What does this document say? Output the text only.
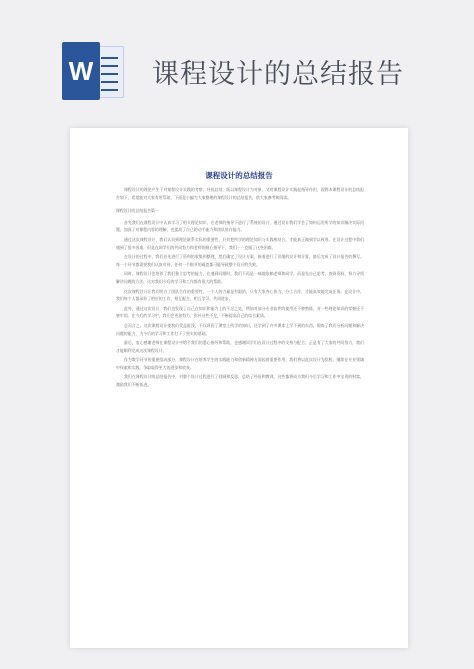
W 课程设计的总结报告
课程设计的总结报告

课程设计的理论产生于对课程设计实践的考察、经验总结，既以课程设计为对象，又对课程设计实践起指导作用，现将本课程设计的总结报告如下，希望能对大家有所帮助，下面是小编为大家整理的课程设计的总结报告，供大家参考和阅读。

课程设计的总结报告篇一

首先我们在课程设计中认真学习了相关理论知识，在老师的指导下进行了系统的设计，通过设计我们学会了如何运用所学的知识解决实际问题，加深了对课程内容的理解，也提高了自己的动手能力和团队协作能力。

通过这次课程设计，我们认识到理论联系实际的重要性，只有把所学的理论知识与实践相结合，才能真正做到学以致用。在设计过程中我们遇到了很多困难，但是在同学们的共同努力和老师的耐心指导下，我们一一克服了这些困难。

在设计的过程中，我们首先进行了资料的收集和整理，然后确定了设计方案，接着进行了详细的设计和计算，最后完成了设计报告的撰写。每一个环节都需要我们认真对待，任何一个细节的疏忽都可能导致整个设计的失败。

同时，课程设计也培养了我们独立思考的能力，在遇到问题时，我们不再是一味地依赖老师和同学，而是先自己思考、查阅资料，努力寻找解决问题的方法，这对我们今后的学习和工作都有很大的帮助。

这次课程设计让我们明白了团队合作的重要性。一个人的力量是有限的，只有大家齐心协力、分工合作，才能高效地完成任务。在设计中，我们每个人都承担了相应的工作，相互配合，相互学习，共同进步。

此外，通过这次设计，我们也发现了自己在知识和能力上的不足之处，例如对部分专业软件的使用还不够熟练，对一些理论知识的掌握还不够牢固。在今后的学习中，我们会更加努力，弥补这些不足，不断提高自己的综合素质。

总而言之，这次课程设计使我们受益匪浅，不仅巩固了课堂上所学的知识，还学到了许多课本上学不到的东西，锻炼了我们分析问题和解决问题的能力，为今后的学习和工作打下了坚实的基础。

最后，衷心感谢老师在课程设计中给予我们的悉心指导和帮助，也感谢同学们在设计过程中的支持与配合，正是有了大家的共同努力，我们才能顺利完成这次课程设计。

作为教学环节的重要组成部分，课程设计在培养学生的实践能力和创新精神方面起着重要作用，我们将以此次设计为契机，继续在专业领域中探索和实践，争取取得更大的进步和收获。

我们在课程设计的总结报告中，对整个设计过程进行了回顾和反思，总结了经验和教训，这些都将成为我们今后学习和工作中宝贵的财富，激励我们不断前进。
